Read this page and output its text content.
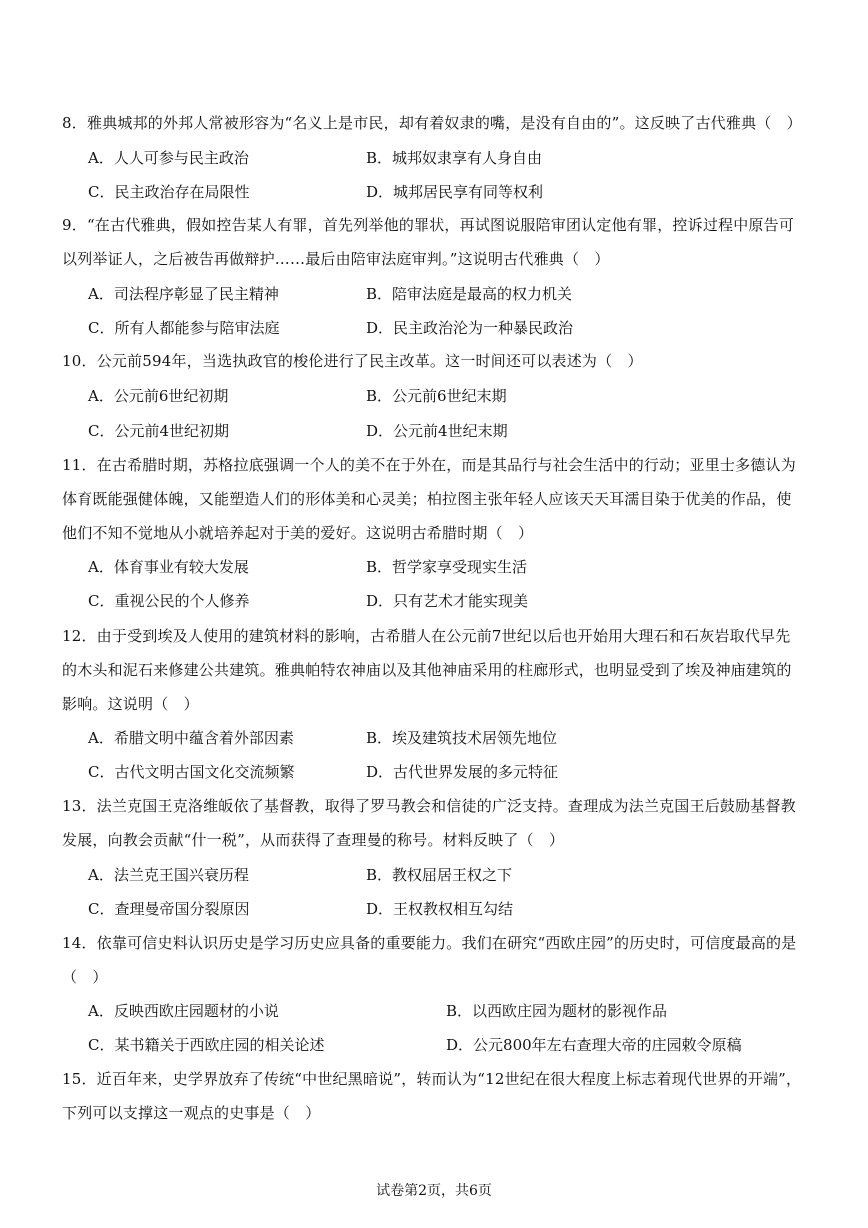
8．雅典城邦的外邦人常被形容为“名义上是市民，却有着奴隶的嘴，是没有自由的”。这反映了古代雅典（　）
A．人人可参与民主政治	B．城邦奴隶享有人身自由
C．民主政治存在局限性	D．城邦居民享有同等权利
9．“在古代雅典，假如控告某人有罪，首先列举他的罪状，再试图说服陪审团认定他有罪，控诉过程中原告可以列举证人，之后被告再做辩护……最后由陪审法庭审判。”这说明古代雅典（　）
A．司法程序彰显了民主精神	B．陪审法庭是最高的权力机关
C．所有人都能参与陪审法庭	D．民主政治沦为一种暴民政治
10．公元前594年，当选执政官的梭伦进行了民主改革。这一时间还可以表述为（　）
A．公元前6世纪初期	B．公元前6世纪末期
C．公元前4世纪初期	D．公元前4世纪末期
11．在古希腊时期，苏格拉底强调一个人的美不在于外在，而是其品行与社会生活中的行动；亚里士多德认为体育既能强健体魄，又能塑造人们的形体美和心灵美；柏拉图主张年轻人应该天天耳濡目染于优美的作品，使他们不知不觉地从小就培养起对于美的爱好。这说明古希腊时期（　）
A．体育事业有较大发展	B．哲学家享受现实生活
C．重视公民的个人修养	D．只有艺术才能实现美
12．由于受到埃及人使用的建筑材料的影响，古希腊人在公元前7世纪以后也开始用大理石和石灰岩取代早先的木头和泥石来修建公共建筑。雅典帕特农神庙以及其他神庙采用的柱廊形式，也明显受到了埃及神庙建筑的影响。这说明（　）
A．希腊文明中蕴含着外部因素	B．埃及建筑技术居领先地位
C．古代文明古国文化交流频繁	D．古代世界发展的多元特征
13．法兰克国王克洛维皈依了基督教，取得了罗马教会和信徒的广泛支持。查理成为法兰克国王后鼓励基督教发展，向教会贡献“什一税”，从而获得了查理曼的称号。材料反映了（　）
A．法兰克王国兴衰历程	B．教权屈居王权之下
C．查理曼帝国分裂原因	D．王权教权相互勾结
14．依靠可信史料认识历史是学习历史应具备的重要能力。我们在研究“西欧庄园”的历史时，可信度最高的是（　）
A．反映西欧庄园题材的小说	B．以西欧庄园为题材的影视作品
C．某书籍关于西欧庄园的相关论述	D．公元800年左右查理大帝的庄园敕令原稿
15．近百年来，史学界放弃了传统“中世纪黑暗说”，转而认为“12世纪在很大程度上标志着现代世界的开端”，下列可以支撑这一观点的史事是（　）
试卷第2页，共6页
